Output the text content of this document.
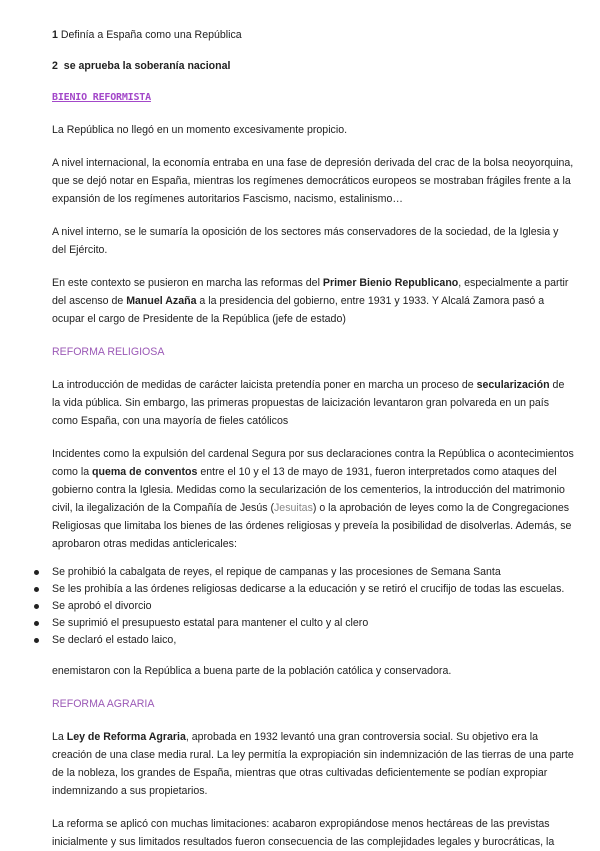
1 Definía a España como una República

2 se aprueba la soberanía nacional

BIENIO REFORMISTA

La República no llegó en un momento excesivamente propicio.

A nivel internacional, la economía entraba en una fase de depresión derivada del crac de la bolsa neoyorquina, que se dejó notar en España, mientras los regímenes democráticos europeos se mostraban frágiles frente a la expansión de los regímenes autoritarios Fascismo, nacismo, estalinismo…

A nivel interno, se le sumaría la oposición de los sectores más conservadores de la sociedad, de la Iglesia y del Ejército.

En este contexto se pusieron en marcha las reformas del Primer Bienio Republicano, especialmente a partir del ascenso de Manuel Azaña a la presidencia del gobierno, entre 1931 y 1933. Y Alcalá Zamora pasó a ocupar el cargo de Presidente de la República (jefe de estado)

REFORMA RELIGIOSA

La introducción de medidas de carácter laicista pretendía poner en marcha un proceso de secularización de la vida pública. Sin embargo, las primeras propuestas de laicización levantaron gran polvareda en un país como España, con una mayoría de fieles católicos

Incidentes como la expulsión del cardenal Segura por sus declaraciones contra la República o acontecimientos como la quema de conventos entre el 10 y el 13 de mayo de 1931, fueron interpretados como ataques del gobierno contra la Iglesia. Medidas como la secularización de los cementerios, la introducción del matrimonio civil, la ilegalización de la Compañía de Jesús (Jesuitas) o la aprobación de leyes como la de Congregaciones Religiosas que limitaba los bienes de las órdenes religiosas y preveía la posibilidad de disolverlas. Además, se aprobaron otras medidas anticlericales:

Se prohibió la cabalgata de reyes, el repique de campanas y las procesiones de Semana Santa
Se les prohibía a las órdenes religiosas dedicarse a la educación y se retiró el crucifijo de todas las escuelas.
Se aprobó el divorcio
Se suprimió el presupuesto estatal para mantener el culto y al clero
Se declaró el estado laico,

enemistaron con la República a buena parte de la población católica y conservadora.

REFORMA AGRARIA

La Ley de Reforma Agraria, aprobada en 1932 levantó una gran controversia social. Su objetivo era la creación de una clase media rural. La ley permitía la expropiación sin indemnización de las tierras de una parte de la nobleza, los grandes de España, mientras que otras cultivadas deficientemente se podían expropiar indemnizando a sus propietarios.

La reforma se aplicó con muchas limitaciones: acabaron expropiándose menos hectáreas de las previstas inicialmente y sus limitados resultados fueron consecuencia de las complejidades legales y burocráticas, la
